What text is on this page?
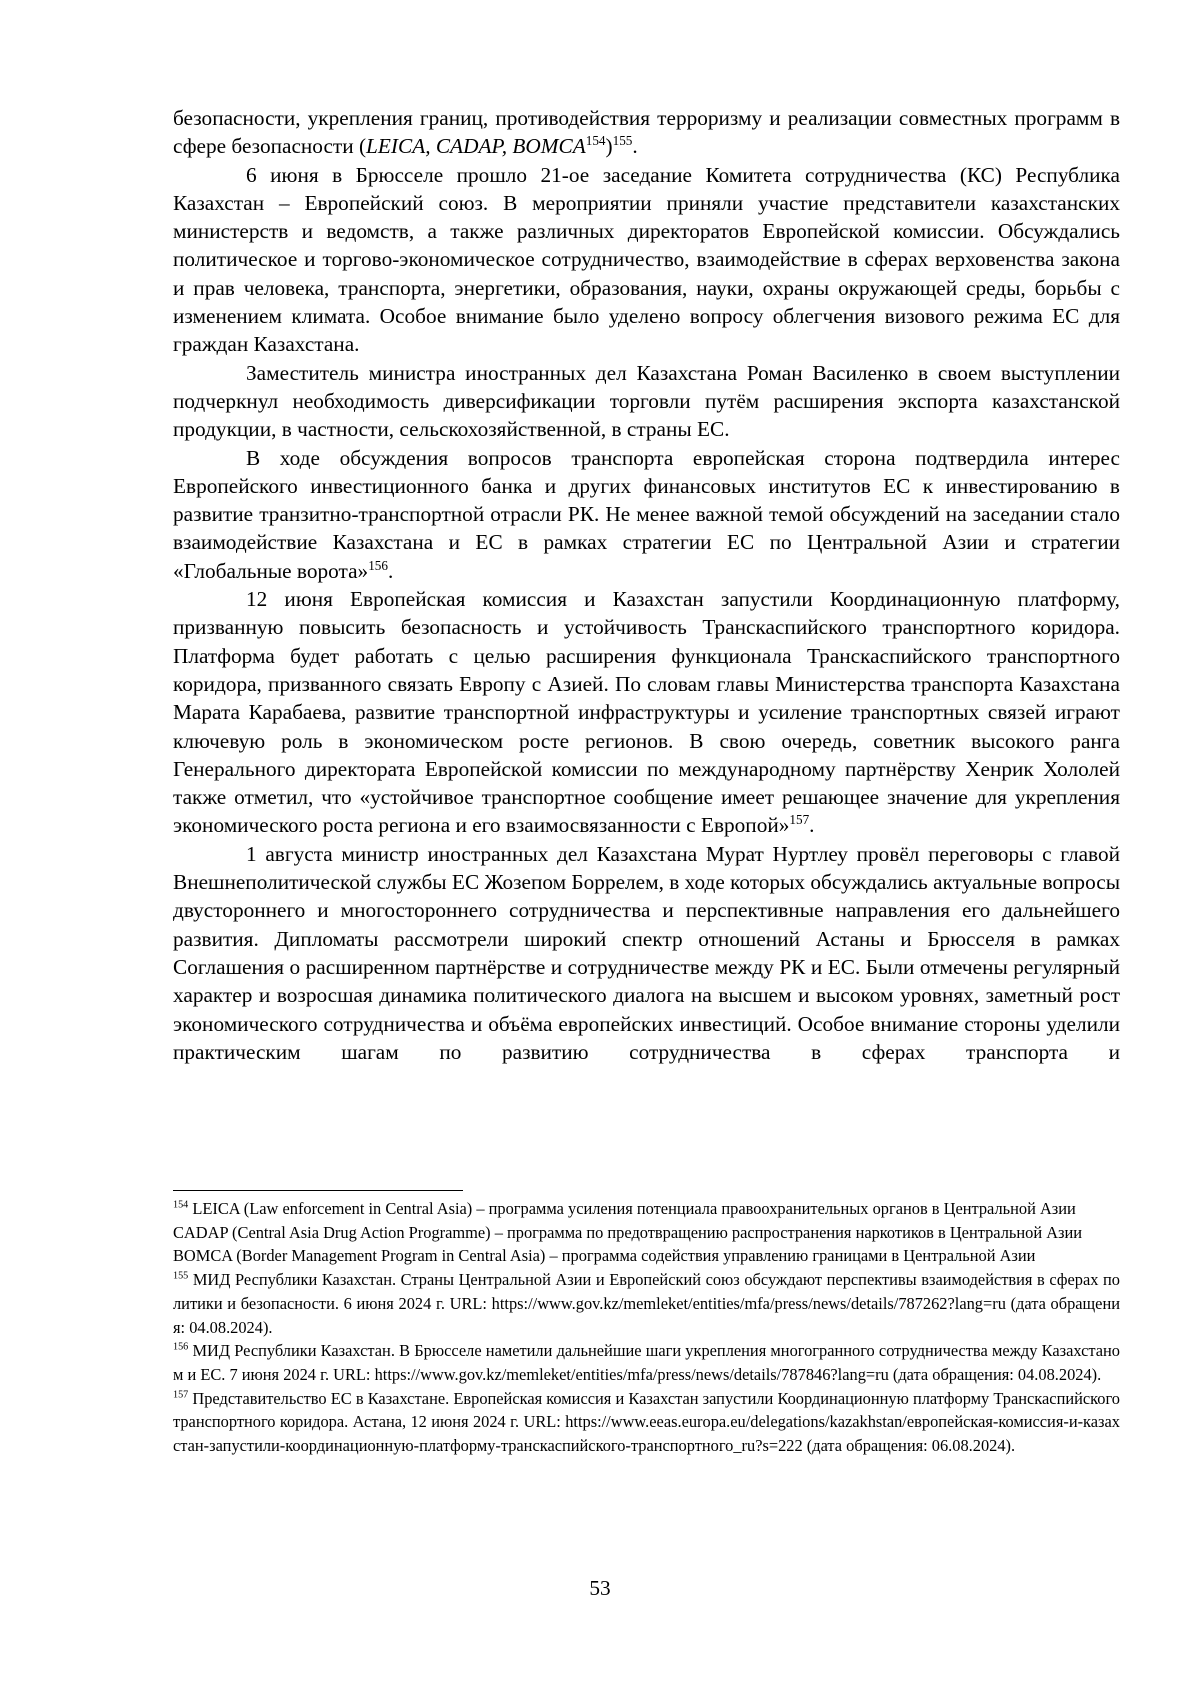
безопасности, укрепления границ, противодействия терроризму и реализации совместных программ в сфере безопасности (LEICA, CADAP, BOMCA$^{154}$)$^{155}$.

6 июня в Брюсселе прошло 21-ое заседание Комитета сотрудничества (КС) Республика Казахстан – Европейский союз. В мероприятии приняли участие представители казахстанских министерств и ведомств, а также различных директоратов Европейской комиссии. Обсуждались политическое и торгово-экономическое сотрудничество, взаимодействие в сферах верховенства закона и прав человека, транспорта, энергетики, образования, науки, охраны окружающей среды, борьбы с изменением климата. Особое внимание было уделено вопросу облегчения визового режима ЕС для граждан Казахстана.

Заместитель министра иностранных дел Казахстана Роман Василенко в своем выступлении подчеркнул необходимость диверсификации торговли путём расширения экспорта казахстанской продукции, в частности, сельскохозяйственной, в страны ЕС.

В ходе обсуждения вопросов транспорта европейская сторона подтвердила интерес Европейского инвестиционного банка и других финансовых институтов ЕС к инвестированию в развитие транзитно-транспортной отрасли РК. Не менее важной темой обсуждений на заседании стало взаимодействие Казахстана и ЕС в рамках стратегии ЕС по Центральной Азии и стратегии «Глобальные ворота»$^{156}$.

12 июня Европейская комиссия и Казахстан запустили Координационную платформу, призванную повысить безопасность и устойчивость Транскаспийского транспортного коридора. Платформа будет работать с целью расширения функционала Транскаспийского транспортного коридора, призванного связать Европу с Азией. По словам главы Министерства транспорта Казахстана Марата Карабаева, развитие транспортной инфраструктуры и усиление транспортных связей играют ключевую роль в экономическом росте регионов. В свою очередь, советник высокого ранга Генерального директората Европейской комиссии по международному партнёрству Хенрик Хололей также отметил, что «устойчивое транспортное сообщение имеет решающее значение для укрепления экономического роста региона и его взаимосвязанности с Европой»$^{157}$.

1 августа министр иностранных дел Казахстана Мурат Нуртлеу провёл переговоры с главой Внешнеполитической службы ЕС Жозепом Боррелем, в ходе которых обсуждались актуальные вопросы двустороннего и многостороннего сотрудничества и перспективные направления его дальнейшего развития. Дипломаты рассмотрели широкий спектр отношений Астаны и Брюсселя в рамках Соглашения о расширенном партнёрстве и сотрудничестве между РК и ЕС. Были отмечены регулярный характер и возросшая динамика политического диалога на высшем и высоком уровнях, заметный рост экономического сотрудничества и объёма европейских инвестиций. Особое внимание стороны уделили практическим шагам по развитию сотрудничества в сферах транспорта и

$^{154}$ LEICA (Law enforcement in Central Asia) – программа усиления потенциала правоохранительных органов в Центральной Азии

CADAP (Central Asia Drug Action Programme) – программа по предотвращению распространения наркотиков в Центральной Азии

BOMCA (Border Management Program in Central Asia) – программа содействия управлению границами в Центральной Азии

$^{155}$ МИД Республики Казахстан. Страны Центральной Азии и Европейский союз обсуждают перспективы взаимодействия в сферах политики и безопасности. 6 июня 2024 г. URL: https://www.gov.kz/memleket/entities/mfa/press/news/details/787262?lang=ru (дата обращения: 04.08.2024).

$^{156}$ МИД Республики Казахстан. В Брюсселе наметили дальнейшие шаги укрепления многогранного сотрудничества между Казахстаном и ЕС. 7 июня 2024 г. URL: https://www.gov.kz/memleket/entities/mfa/press/news/details/787846?lang=ru (дата обращения: 04.08.2024).

$^{157}$ Представительство ЕС в Казахстане. Европейская комиссия и Казахстан запустили Координационную платформу Транскаспийского транспортного коридора. Астана, 12 июня 2024 г. URL: https://www.eeas.europa.eu/delegations/kazakhstan/европейская-комиссия-и-казахстан-запустили-координационную-платформу-транскаспийского-транспортного_ru?s=222 (дата обращения: 06.08.2024).

53
